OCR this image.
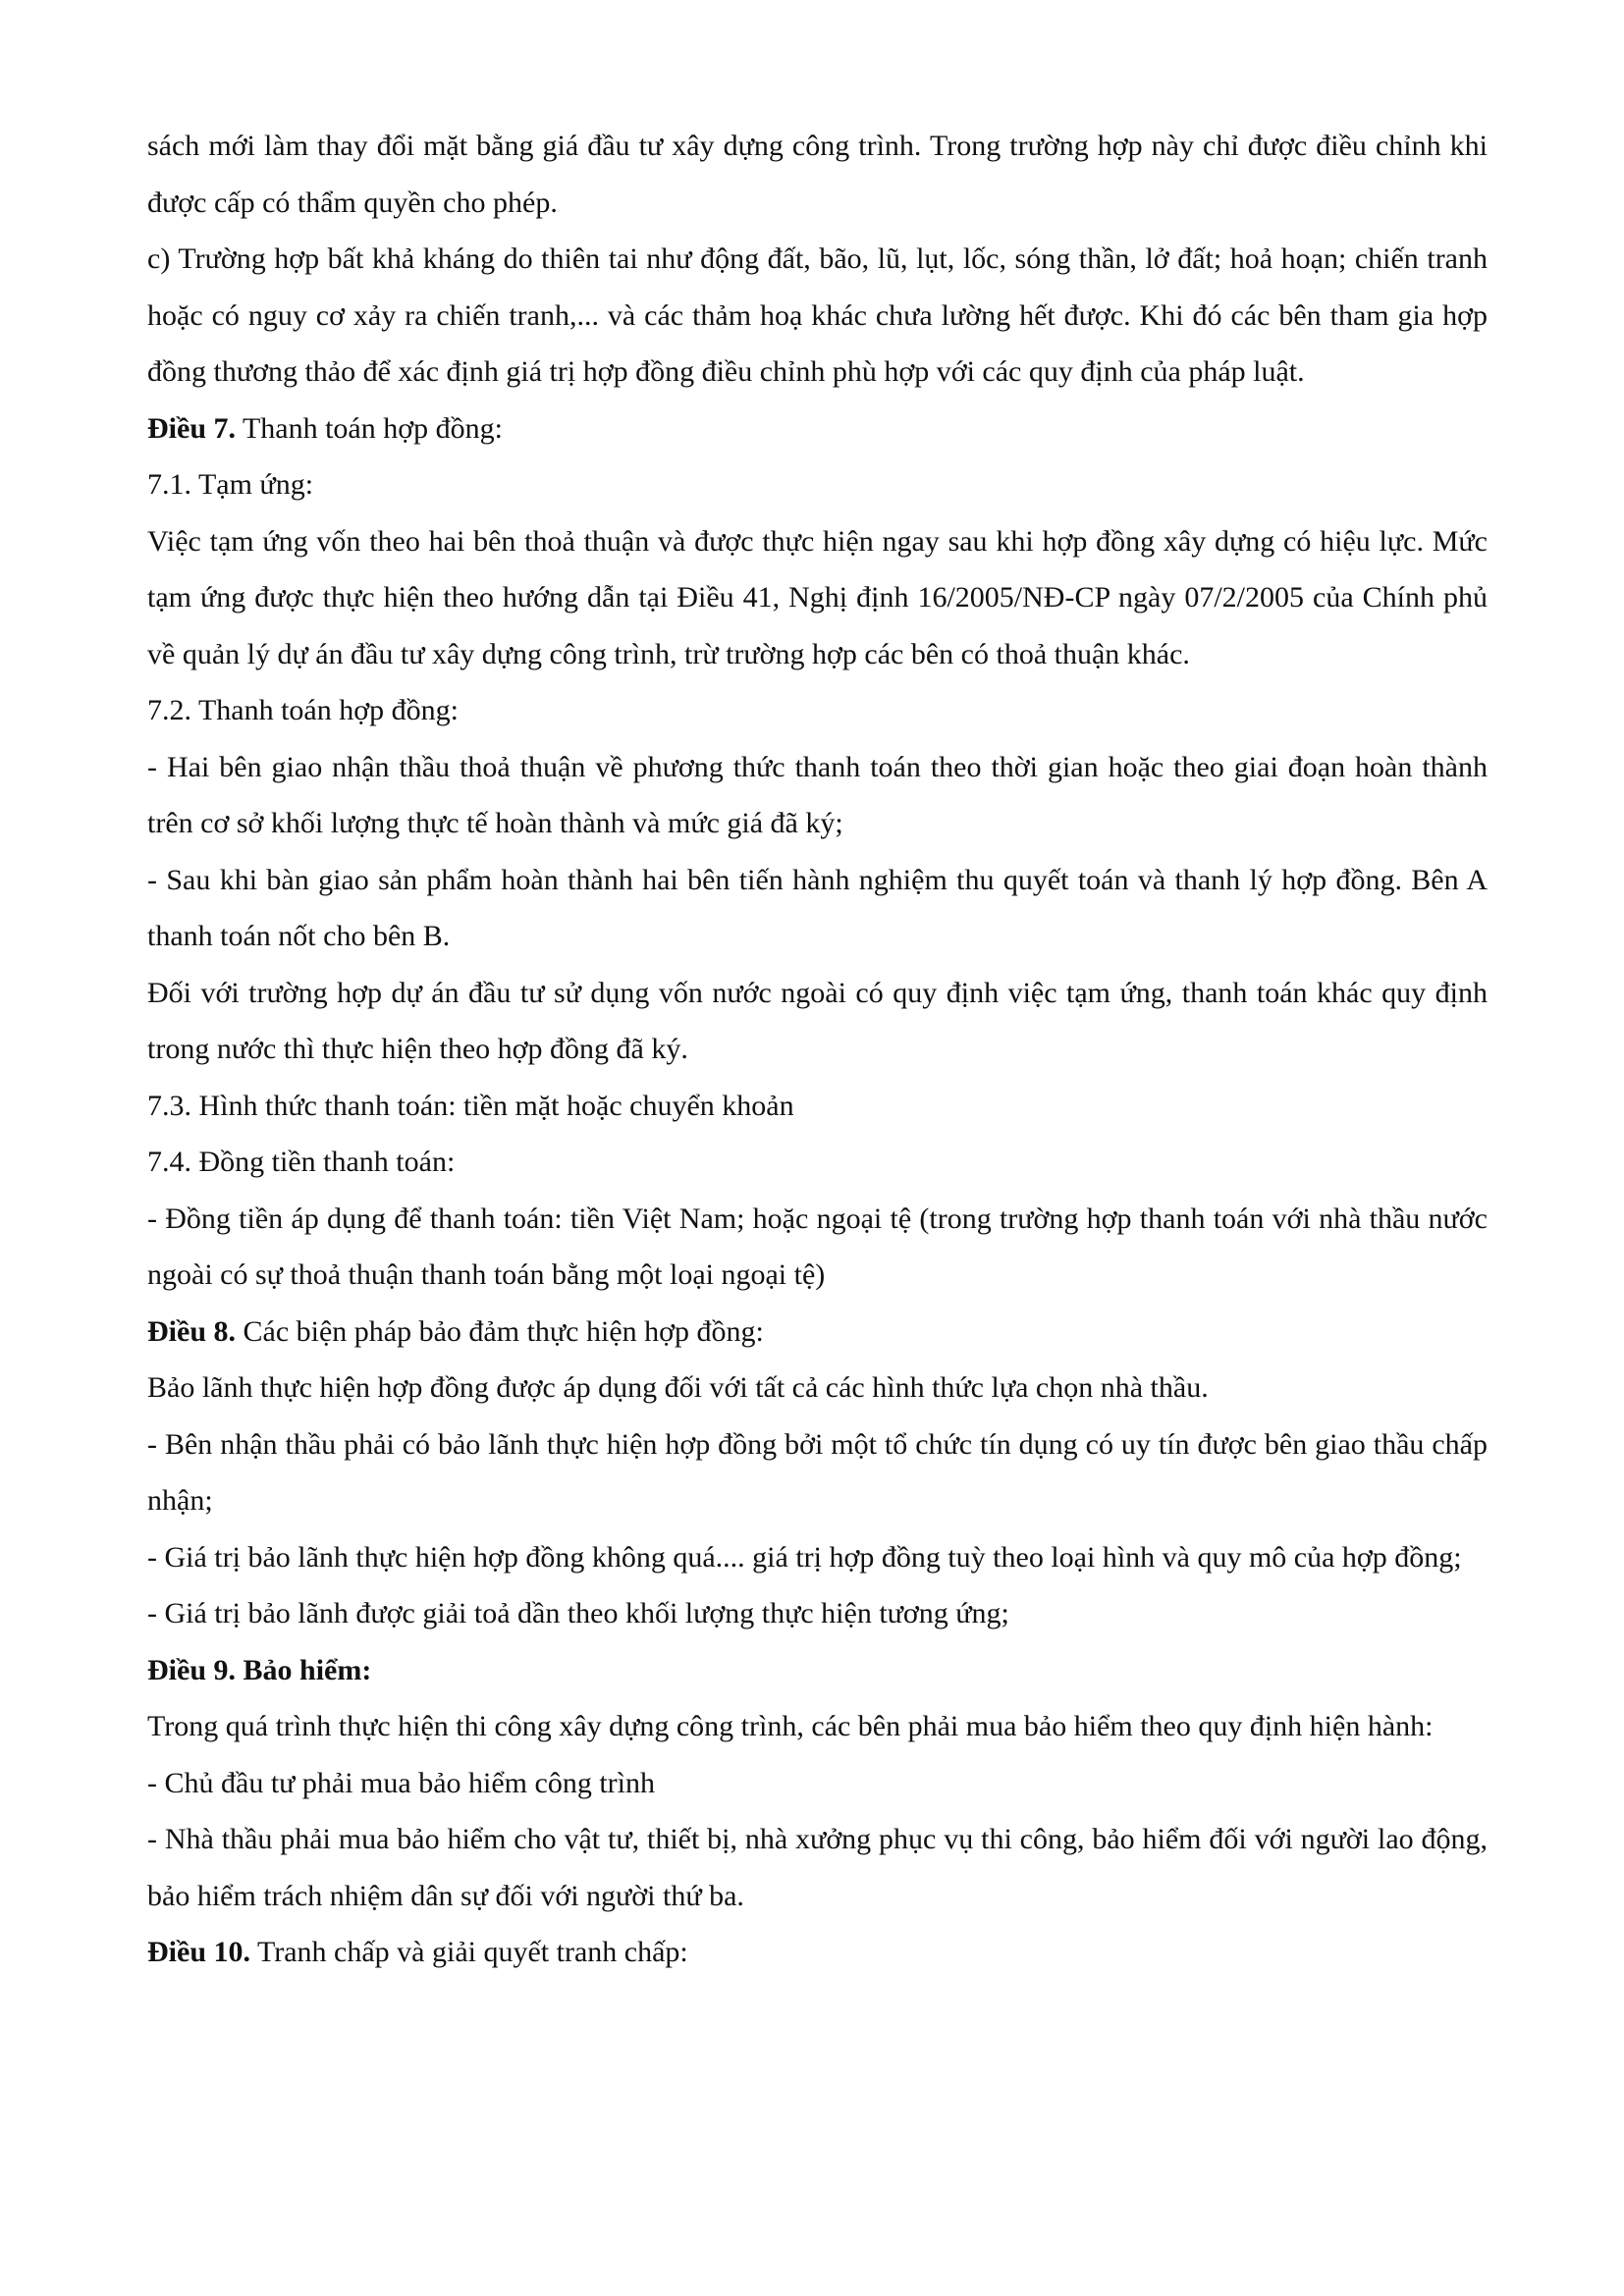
sách mới làm thay đổi mặt bằng giá đầu tư xây dựng công trình. Trong trường hợp này chỉ được điều chỉnh khi được cấp có thẩm quyền cho phép.

c) Trường hợp bất khả kháng do thiên tai như động đất, bão, lũ, lụt, lốc, sóng thần, lở đất; hoả hoạn; chiến tranh hoặc có nguy cơ xảy ra chiến tranh,... và các thảm hoạ khác chưa lường hết được. Khi đó các bên tham gia hợp đồng thương thảo để xác định giá trị hợp đồng điều chỉnh phù hợp với các quy định của pháp luật.

Điều 7. Thanh toán hợp đồng:

7.1. Tạm ứng:

Việc tạm ứng vốn theo hai bên thoả thuận và được thực hiện ngay sau khi hợp đồng xây dựng có hiệu lực. Mức tạm ứng được thực hiện theo hướng dẫn tại Điều 41, Nghị định 16/2005/NĐ-CP ngày 07/2/2005 của Chính phủ về quản lý dự án đầu tư xây dựng công trình, trừ trường hợp các bên có thoả thuận khác.

7.2. Thanh toán hợp đồng:

- Hai bên giao nhận thầu thoả thuận về phương thức thanh toán theo thời gian hoặc theo giai đoạn hoàn thành trên cơ sở khối lượng thực tế hoàn thành và mức giá đã ký;

- Sau khi bàn giao sản phẩm hoàn thành hai bên tiến hành nghiệm thu quyết toán và thanh lý hợp đồng. Bên A thanh toán nốt cho bên B.

Đối với trường hợp dự án đầu tư sử dụng vốn nước ngoài có quy định việc tạm ứng, thanh toán khác quy định trong nước thì thực hiện theo hợp đồng đã ký.

7.3. Hình thức thanh toán: tiền mặt hoặc chuyển khoản

7.4. Đồng tiền thanh toán:

- Đồng tiền áp dụng để thanh toán: tiền Việt Nam; hoặc ngoại tệ (trong trường hợp thanh toán với nhà thầu nước ngoài có sự thoả thuận thanh toán bằng một loại ngoại tệ)

Điều 8. Các biện pháp bảo đảm thực hiện hợp đồng:

Bảo lãnh thực hiện hợp đồng được áp dụng đối với tất cả các hình thức lựa chọn nhà thầu.

- Bên nhận thầu phải có bảo lãnh thực hiện hợp đồng bởi một tổ chức tín dụng có uy tín được bên giao thầu chấp nhận;

- Giá trị bảo lãnh thực hiện hợp đồng không quá.... giá trị hợp đồng tuỳ theo loại hình và quy mô của hợp đồng;

- Giá trị bảo lãnh được giải toả dần theo khối lượng thực hiện tương ứng;

Điều 9. Bảo hiểm:

Trong quá trình thực hiện thi công xây dựng công trình, các bên phải mua bảo hiểm theo quy định hiện hành:

- Chủ đầu tư phải mua bảo hiểm công trình

- Nhà thầu phải mua bảo hiểm cho vật tư, thiết bị, nhà xưởng phục vụ thi công, bảo hiểm đối với người lao động, bảo hiểm trách nhiệm dân sự đối với người thứ ba.

Điều 10. Tranh chấp và giải quyết tranh chấp:
